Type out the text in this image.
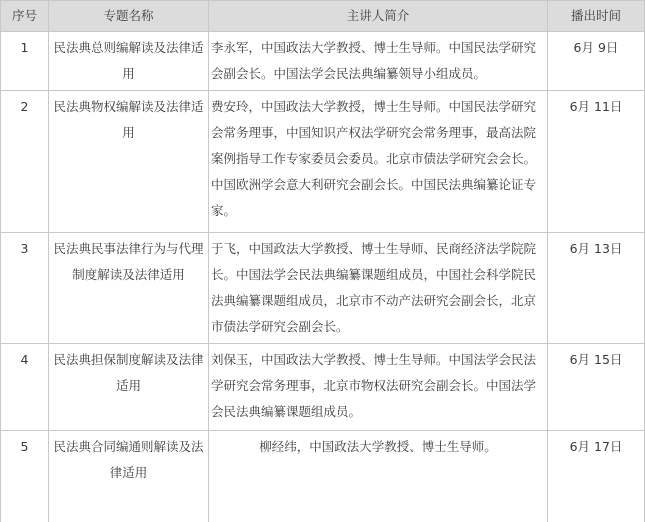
序号	专题名称	主讲人简介	播出时间
1	民法典总则编解读及法律适用	李永军，中国政法大学教授、博士生导师。中国民法学研究会副会长。中国法学会民法典编纂领导小组成员。	6月 9日
2	民法典物权编解读及法律适用	费安玲，中国政法大学教授，博士生导师。中国民法学研究会常务理事，中国知识产权法学研究会常务理事，最高法院案例指导工作专家委员会委员。北京市债法学研究会会长。中国欧洲学会意大利研究会副会长。中国民法典编纂论证专家。	6月 11日
3	民法典民事法律行为与代理制度解读及法律适用	于飞，中国政法大学教授、博士生导师、民商经济法学院院长。中国法学会民法典编纂课题组成员，中国社会科学院民法典编纂课题组成员，北京市不动产法研究会副会长，北京市债法学研究会副会长。	6月 13日
4	民法典担保制度解读及法律适用	刘保玉，中国政法大学教授、博士生导师。中国法学会民法学研究会常务理事，北京市物权法研究会副会长。中国法学会民法典编纂课题组成员。	6月 15日
5	民法典合同编通则解读及法律适用	柳经纬，中国政法大学教授、博士生导师。	6月 17日
